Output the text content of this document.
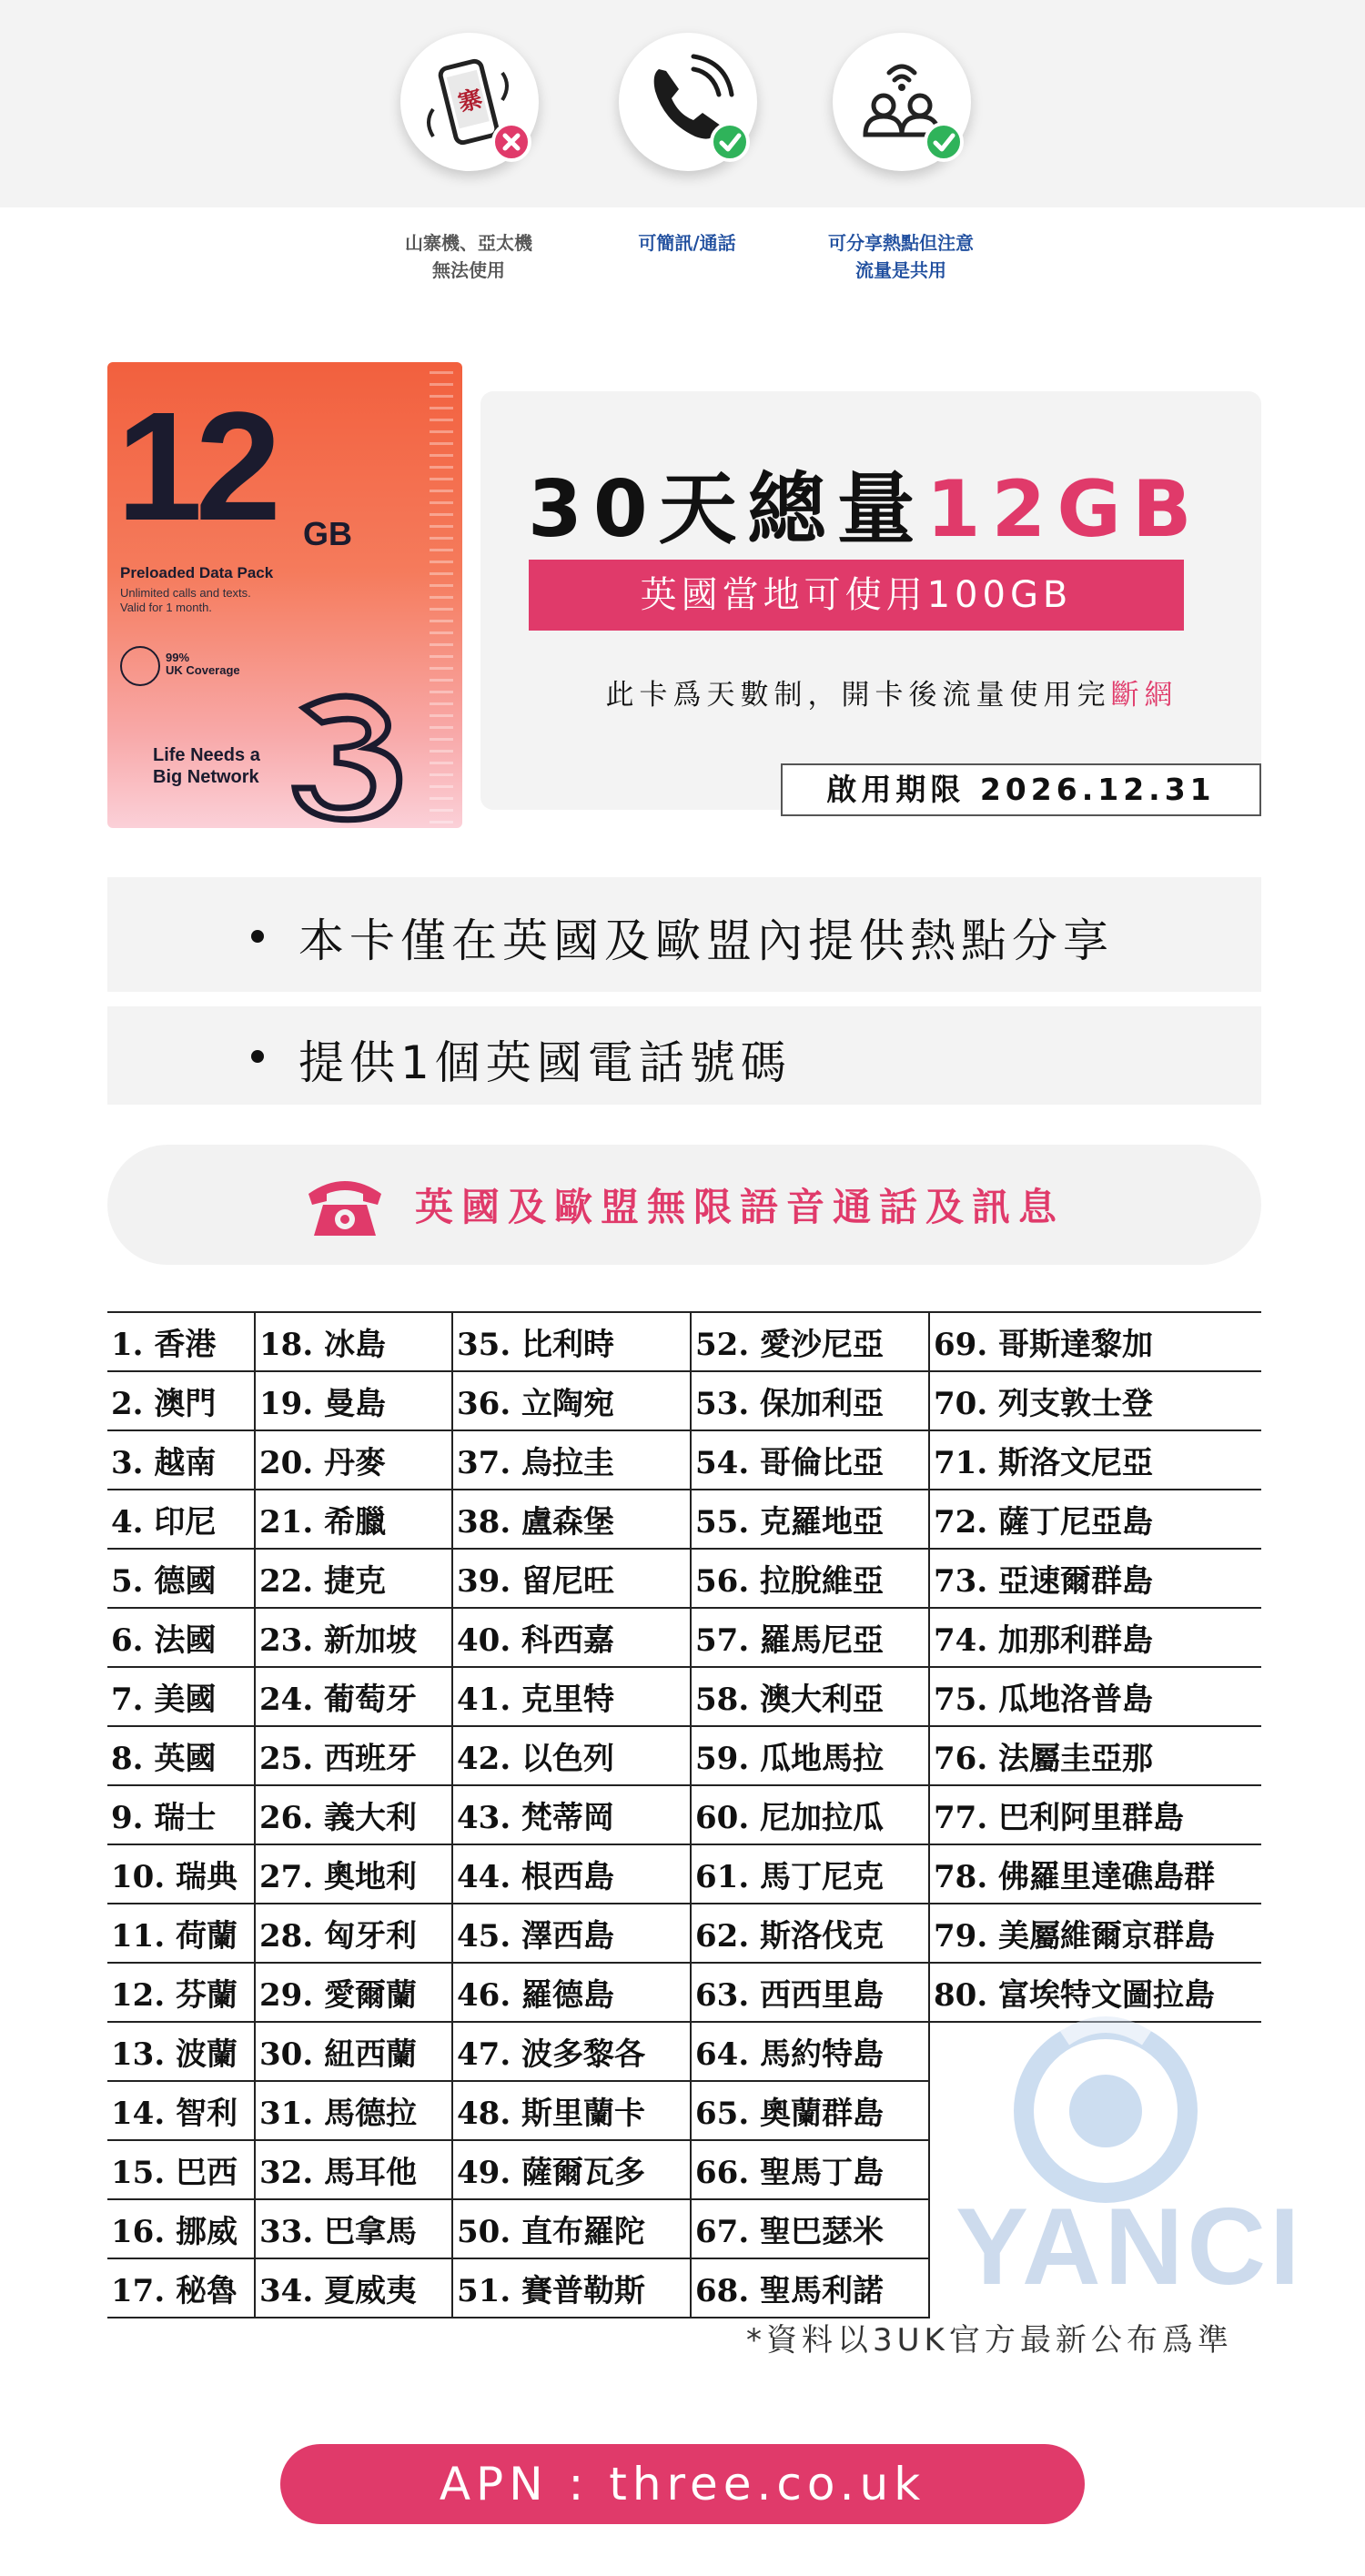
寨
山寨機、亞太機
無法使用
可簡訊/通話	可分享熱點但注意
流量是共用
12 GB
Preloaded Data Pack
Unlimited calls and texts.
Valid for 1 month.
99%
UK Coverage
Life Needs a
Big Network
30天總量12GB
英國當地可使用100GB
此卡爲天數制，開卡後流量使用完斷網
啟用期限 2026.12.31
本卡僅在英國及歐盟內提供熱點分享
提供1個英國電話號碼
英國及歐盟無限語音通話及訊息
1. 香港	18. 冰島	35. 比利時	52. 愛沙尼亞	69. 哥斯達黎加
2. 澳門	19. 曼島	36. 立陶宛	53. 保加利亞	70. 列支敦士登
3. 越南	20. 丹麥	37. 烏拉圭	54. 哥倫比亞	71. 斯洛文尼亞
4. 印尼	21. 希臘	38. 盧森堡	55. 克羅地亞	72. 薩丁尼亞島
5. 德國	22. 捷克	39. 留尼旺	56. 拉脫維亞	73. 亞速爾群島
6. 法國	23. 新加坡	40. 科西嘉	57. 羅馬尼亞	74. 加那利群島
7. 美國	24. 葡萄牙	41. 克里特	58. 澳大利亞	75. 瓜地洛普島
8. 英國	25. 西班牙	42. 以色列	59. 瓜地馬拉	76. 法屬圭亞那
9. 瑞士	26. 義大利	43. 梵蒂岡	60. 尼加拉瓜	77. 巴利阿里群島
10. 瑞典	27. 奧地利	44. 根西島	61. 馬丁尼克	78. 佛羅里達礁島群
11. 荷蘭	28. 匈牙利	45. 澤西島	62. 斯洛伐克	79. 美屬維爾京群島
12. 芬蘭	29. 愛爾蘭	46. 羅德島	63. 西西里島	80. 富埃特文圖拉島
13. 波蘭	30. 紐西蘭	47. 波多黎各	64. 馬約特島	
14. 智利	31. 馬德拉	48. 斯里蘭卡	65. 奧蘭群島	
15. 巴西	32. 馬耳他	49. 薩爾瓦多	66. 聖馬丁島	
16. 挪威	33. 巴拿馬	50. 直布羅陀	67. 聖巴瑟米	
17. 秘魯	34. 夏威夷	51. 賽普勒斯	68. 聖馬利諾	YANCI
*資料以3UK官方最新公布爲準
APN : three.co.uk
